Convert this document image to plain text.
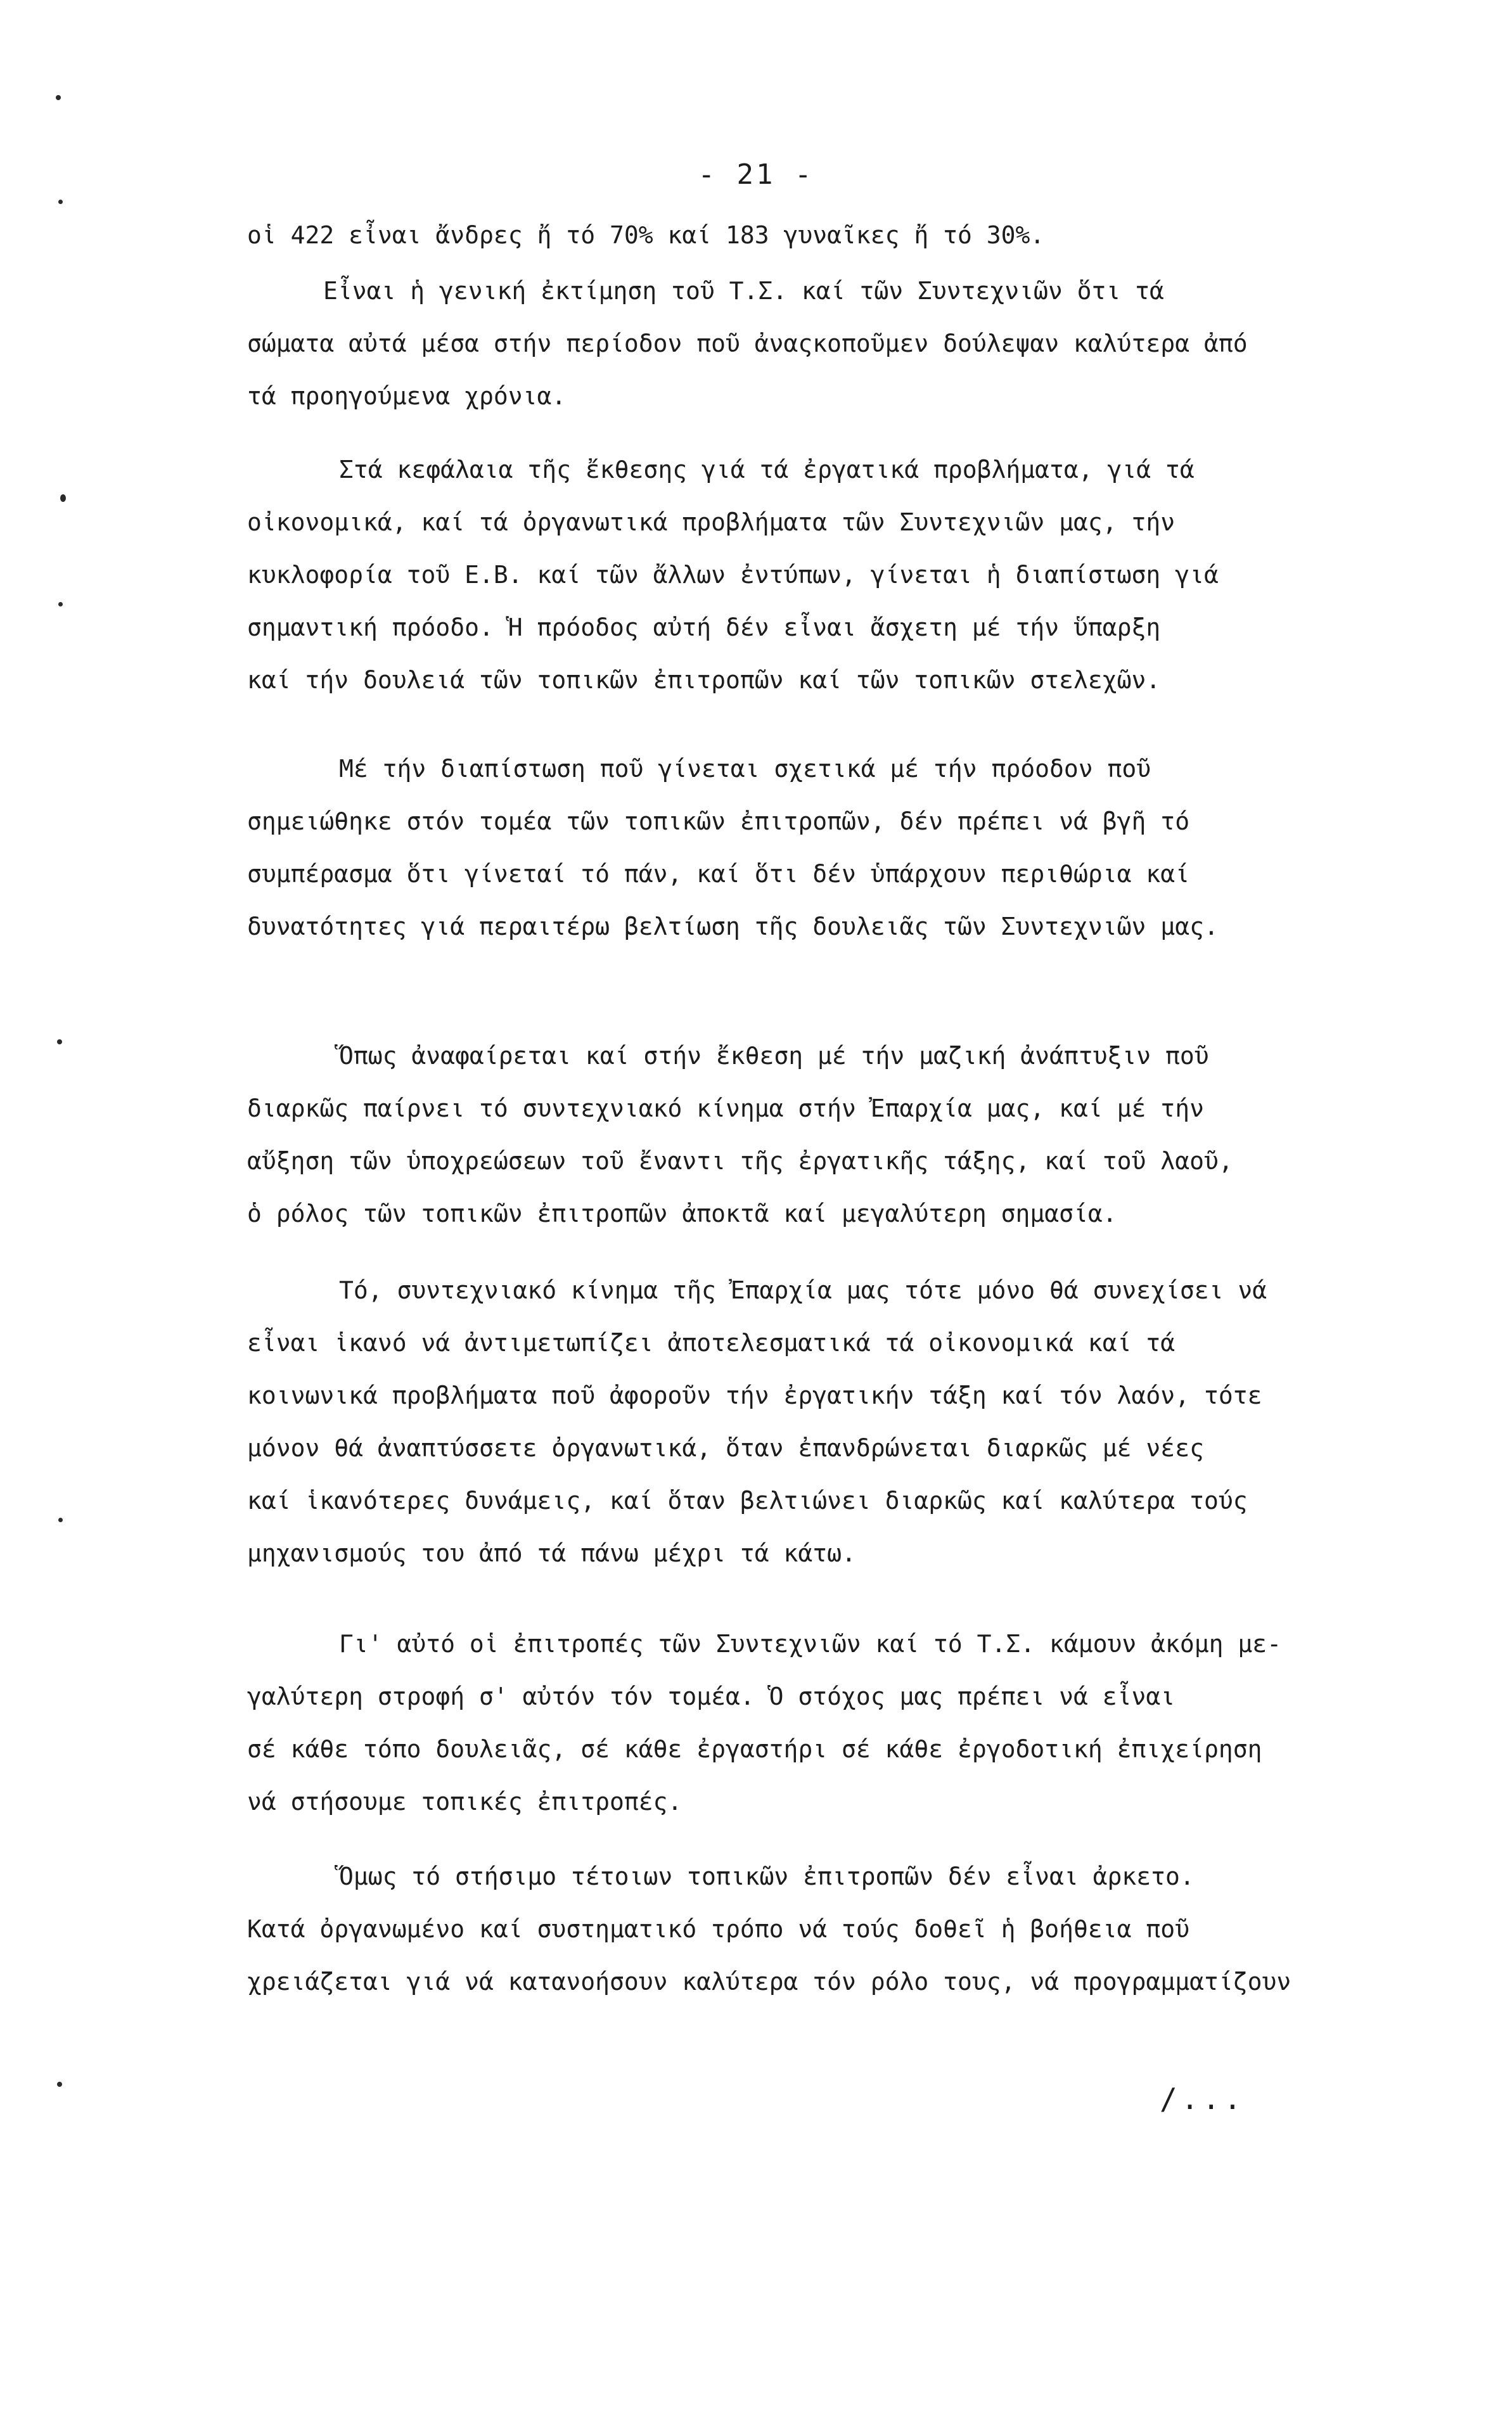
- 21 -
οἱ 422 εἶναι ἄνδρες ἤ τό 70% καί 183 γυναῖκες ἤ τό 30%.
Εἶναι ἡ γενική ἐκτίμηση τοῦ Τ.Σ. καί τῶν Συντεχνιῶν ὅτι τά
σώματα αὐτά μέσα στήν περίοδον ποῦ ἀναςκοποῦμεν δούλεψαν καλύτερα ἀπό
τά προηγούμενα χρόνια.
Στά κεφάλαια τῆς ἔκθεσης γιά τά ἐργατικά προβλήματα, γιά τά
οἰκονομικά, καί τά ὀργανωτικά προβλήματα τῶν Συντεχνιῶν μας, τήν
κυκλοφορία τοῦ Ε.Β. καί τῶν ἄλλων ἐντύπων, γίνεται ἡ διαπίστωση γιά
σημαντική πρόοδο. Ἡ πρόοδος αὐτή δέν εἶναι ἄσχετη μέ τήν ὕπαρξη
καί τήν δουλειά τῶν τοπικῶν ἐπιτροπῶν καί τῶν τοπικῶν στελεχῶν.
Μέ τήν διαπίστωση ποῦ γίνεται σχετικά μέ τήν πρόοδον ποῦ
σημειώθηκε στόν τομέα τῶν τοπικῶν ἐπιτροπῶν, δέν πρέπει νά βγῆ τό
συμπέρασμα ὅτι γίνεταί τό πάν, καί ὅτι δέν ὑπάρχουν περιθώρια καί
δυνατότητες γιά περαιτέρω βελτίωση τῆς δουλειᾶς τῶν Συντεχνιῶν μας.
Ὅπως ἀναφαίρεται καί στήν ἔκθεση μέ τήν μαζική ἀνάπτυξιν ποῦ
διαρκῶς παίρνει τό συντεχνιακό κίνημα στήν Ἐπαρχία μας, καί μέ τήν
αὔξηση τῶν ὑποχρεώσεων τοῦ ἔναντι τῆς ἐργατικῆς τάξης, καί τοῦ λαοῦ,
ὁ ρόλος τῶν τοπικῶν ἐπιτροπῶν ἀποκτᾶ καί μεγαλύτερη σημασία.
Τό, συντεχνιακό κίνημα τῆς Ἐπαρχία μας τότε μόνο θά συνεχίσει νά
εἶναι ἱκανό νά ἀντιμετωπίζει ἀποτελεσματικά τά οἰκονομικά καί τά
κοινωνικά προβλήματα ποῦ ἀφοροῦν τήν ἐργατικήν τάξη καί τόν λαόν, τότε
μόνον θά ἀναπτύσσετε ὀργανωτικά, ὅταν ἐπανδρώνεται διαρκῶς μέ νέες
καί ἱκανότερες δυνάμεις, καί ὅταν βελτιώνει διαρκῶς καί καλύτερα τούς
μηχανισμούς του ἀπό τά πάνω μέχρι τά κάτω.
Γι' αὐτό οἱ ἐπιτροπές τῶν Συντεχνιῶν καί τό Τ.Σ. κάμουν ἀκόμη με-
γαλύτερη στροφή σ' αὐτόν τόν τομέα. Ὁ στόχος μας πρέπει νά εἶναι
σέ κάθε τόπο δουλειᾶς, σέ κάθε ἐργαστήρι σέ κάθε ἐργοδοτική ἐπιχείρηση
νά στήσουμε τοπικές ἐπιτροπές.
Ὅμως τό στήσιμο τέτοιων τοπικῶν ἐπιτροπῶν δέν εἶναι ἀρκετο.
Κατά ὀργανωμένο καί συστηματικό τρόπο νά τούς δοθεῖ ἡ βοήθεια ποῦ
χρειάζεται γιά νά κατανοήσουν καλύτερα τόν ρόλο τους, νά προγραμματίζουν
/...
